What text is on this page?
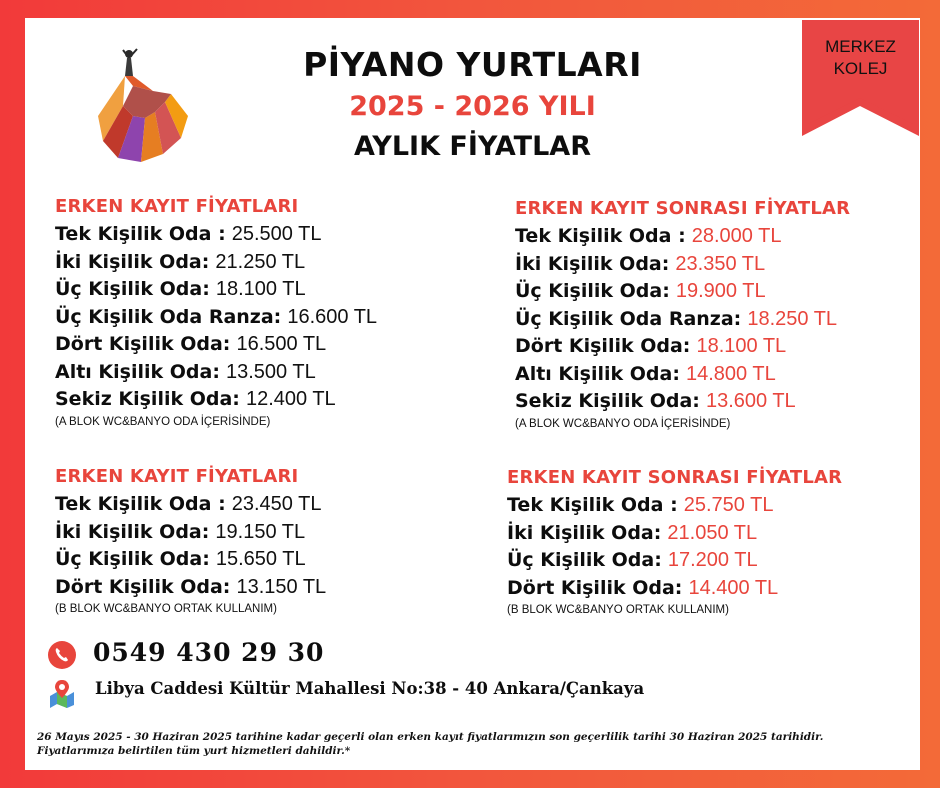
PİYANO YURTLARI
2025 - 2026 YILI
AYLIK FİYATLAR
MERKEZ
KOLEJ
ERKEN KAYIT FİYATLARI
Tek Kişilik Oda : 25.500 TL
İki Kişilik Oda: 21.250 TL
Üç Kişilik Oda: 18.100 TL
Üç Kişilik Oda Ranza: 16.600 TL
Dört Kişilik Oda: 16.500 TL
Altı Kişilik Oda: 13.500 TL
Sekiz Kişilik Oda: 12.400 TL
(A BLOK WC&BANYO ODA İÇERİSİNDE)
ERKEN KAYIT SONRASI FİYATLAR
Tek Kişilik Oda : 28.000 TL
İki Kişilik Oda: 23.350 TL
Üç Kişilik Oda: 19.900 TL
Üç Kişilik Oda Ranza: 18.250 TL
Dört Kişilik Oda: 18.100 TL
Altı Kişilik Oda: 14.800 TL
Sekiz Kişilik Oda: 13.600 TL
(A BLOK WC&BANYO ODA İÇERİSİNDE)
ERKEN KAYIT FİYATLARI
Tek Kişilik Oda : 23.450 TL
İki Kişilik Oda: 19.150 TL
Üç Kişilik Oda: 15.650 TL
Dört Kişilik Oda: 13.150 TL
(B BLOK WC&BANYO ORTAK KULLANIM)
ERKEN KAYIT SONRASI FİYATLAR
Tek Kişilik Oda : 25.750 TL
İki Kişilik Oda: 21.050 TL
Üç Kişilik Oda: 17.200 TL
Dört Kişilik Oda: 14.400 TL
(B BLOK WC&BANYO ORTAK KULLANIM)
0549 430 29 30
Libya Caddesi Kültür Mahallesi No:38 - 40 Ankara/Çankaya
26 Mayıs 2025 - 30 Haziran 2025 tarihine kadar geçerli olan erken kayıt fiyatlarımızın son geçerlilik tarihi 30 Haziran 2025 tarihidir.
Fiyatlarımıza belirtilen tüm yurt hizmetleri dahildir.*
